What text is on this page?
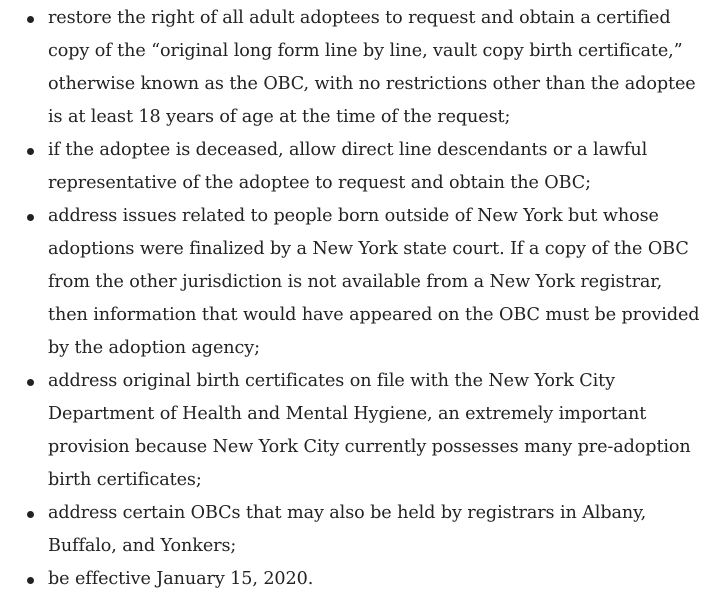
restore the right of all adult adoptees to request and obtain a certified copy of the “original long form line by line, vault copy birth certificate,” otherwise known as the OBC, with no restrictions other than the adoptee is at least 18 years of age at the time of the request;
if the adoptee is deceased, allow direct line descendants or a lawful representative of the adoptee to request and obtain the OBC;
address issues related to people born outside of New York but whose adoptions were finalized by a New York state court. If a copy of the OBC from the other jurisdiction is not available from a New York registrar, then information that would have appeared on the OBC must be provided by the adoption agency;
address original birth certificates on file with the New York City Department of Health and Mental Hygiene, an extremely important provision because New York City currently possesses many pre-adoption birth certificates;
address certain OBCs that may also be held by registrars in Albany, Buffalo, and Yonkers;
be effective January 15, 2020.
